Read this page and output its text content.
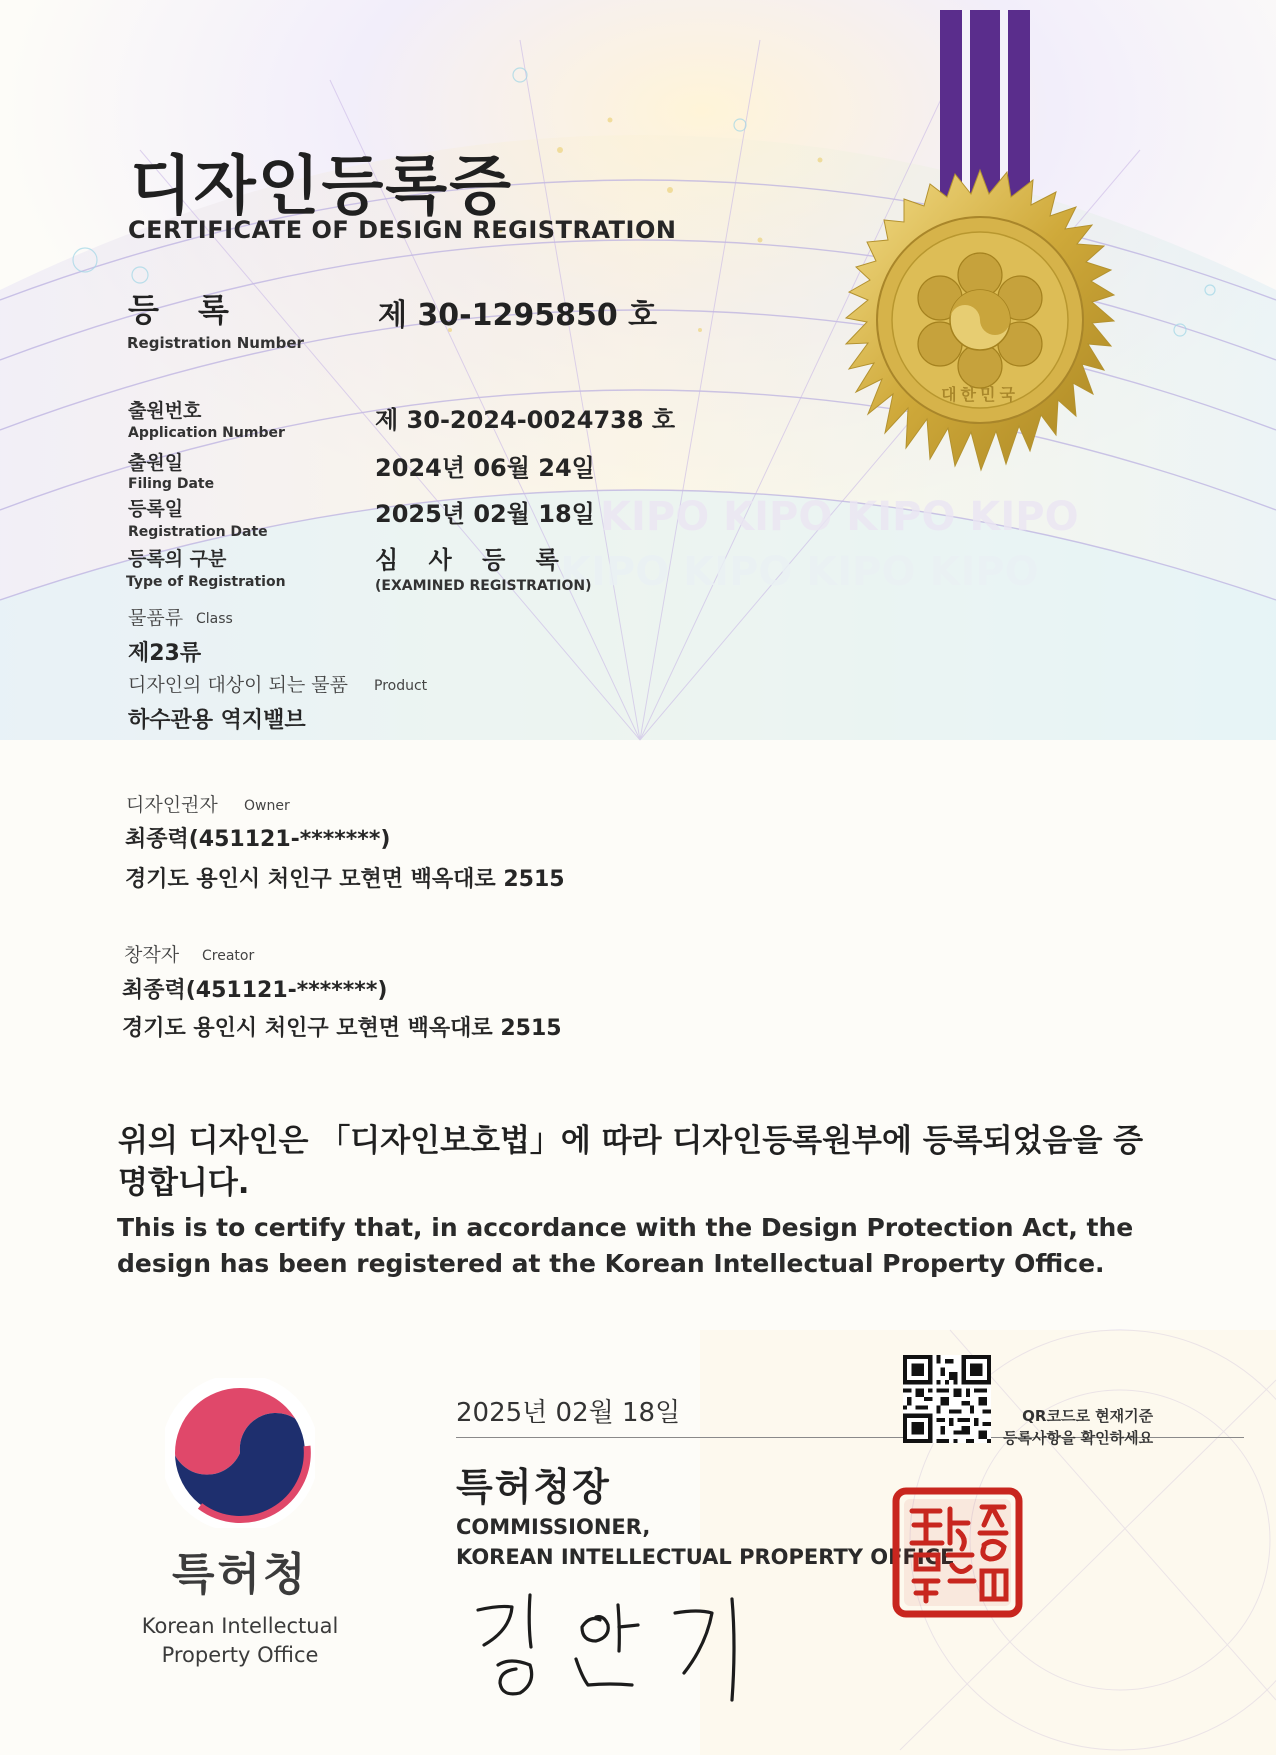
KIPO KIPO KIPO KIPO
KIPO KIPO KIPO KIPO
대한민국
디자인등록증
CERTIFICATE OF DESIGN REGISTRATION
등 록
Registration Number
제 30-1295850 호
출원번호
Application Number	제 30-2024-0024738 호
출원일
Filing Date
2024년 06월 24일
등록일
Registration Date
2025년 02월 18일
등록의 구분
Type of Registration
심 사 등 록
(EXAMINED REGISTRATION)
물품류 Class
제23류
디자인의 대상이 되는 물품 Product
하수관용 역지밸브
디자인권자 Owner
최종력(451121-*******)
경기도 용인시 처인구 모현면 백옥대로 2515
창작자 Creator
최종력(451121-*******)
경기도 용인시 처인구 모현면 백옥대로 2515
위의 디자인은 「디자인보호법」에 따라 디자인등록원부에 등록되었음을 증명합니다.
This is to certify that, in accordance with the Design Protection Act, the design has been registered at the Korean Intellectual Property Office.
특허청
Korean Intellectual Property Office
2025년 02월 18일	QR코드로 현재기준
등록사항을 확인하세요
특허청장
COMMISSIONER,
KOREAN INTELLECTUAL PROPERTY OFFICE
